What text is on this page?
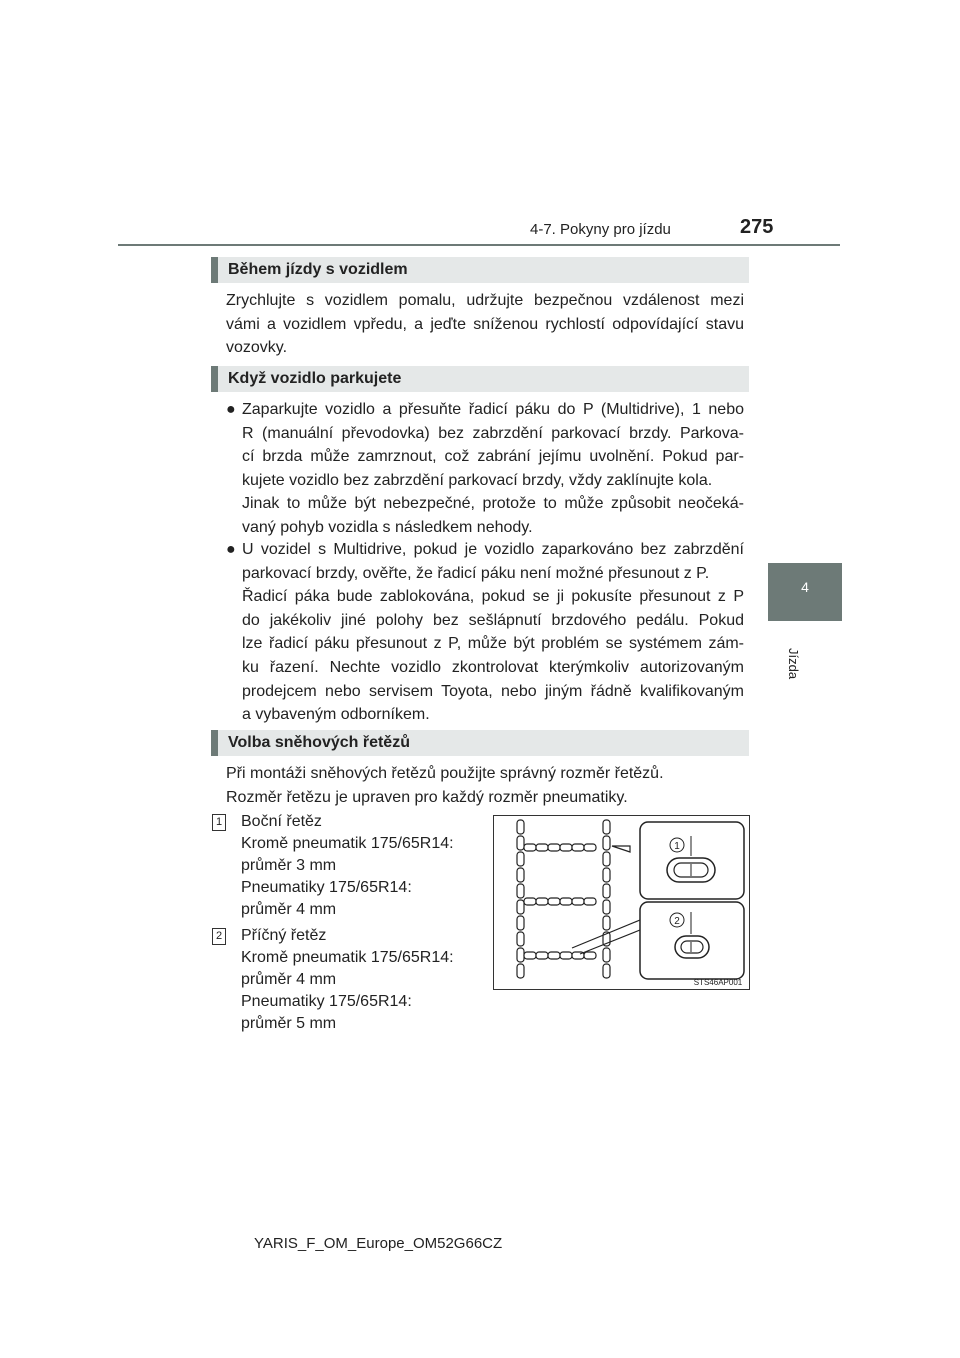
4-7. Pokyny pro jízdu	275
4
Jízda
Během jízdy s vozidlem
Zrychlujte s vozidlem pomalu, udržujte bezpečnou vzdálenost mezi
vámi a vozidlem vpředu, a jeďte sníženou rychlostí odpovídající stavu
vozovky.
Když vozidlo parkujete
● Zaparkujte vozidlo a přesuňte řadicí páku do P (Multidrive), 1 nebo
R (manuální převodovka) bez zabrzdění parkovací brzdy. Parkova-
cí brzda může zamrznout, což zabrání jejímu uvolnění. Pokud par-
kujete vozidlo bez zabrzdění parkovací brzdy, vždy zaklínujte kola.
Jinak to může být nebezpečné, protože to může způsobit neočeká-
vaný pohyb vozidla s následkem nehody.
● U vozidel s Multidrive, pokud je vozidlo zaparkováno bez zabrzdění
parkovací brzdy, ověřte, že řadicí páku není možné přesunout z P.
Řadicí páka bude zablokována, pokud se ji pokusíte přesunout z P
do jakékoliv jiné polohy bez sešlápnutí brzdového pedálu. Pokud
lze řadicí páku přesunout z P, může být problém se systémem zám-
ku řazení. Nechte vozidlo zkontrolovat kterýmkoliv autorizovaným
prodejcem nebo servisem Toyota, nebo jiným řádně kvalifikovaným
a vybaveným odborníkem.
Volba sněhových řetězů
Při montáži sněhových řetězů použijte správný rozměr řetězů.
Rozměr řetězu je upraven pro každý rozměr pneumatiky.
1 Boční řetěz
Kromě pneumatik 175/65R14:
průměr 3 mm
Pneumatiky 175/65R14:
průměr 4 mm
2 Příčný řetěz
Kromě pneumatik 175/65R14:
průměr 4 mm
Pneumatiky 175/65R14:
průměr 5 mm
1
2
STS46AP001
YARIS_F_OM_Europe_OM52G66CZ
